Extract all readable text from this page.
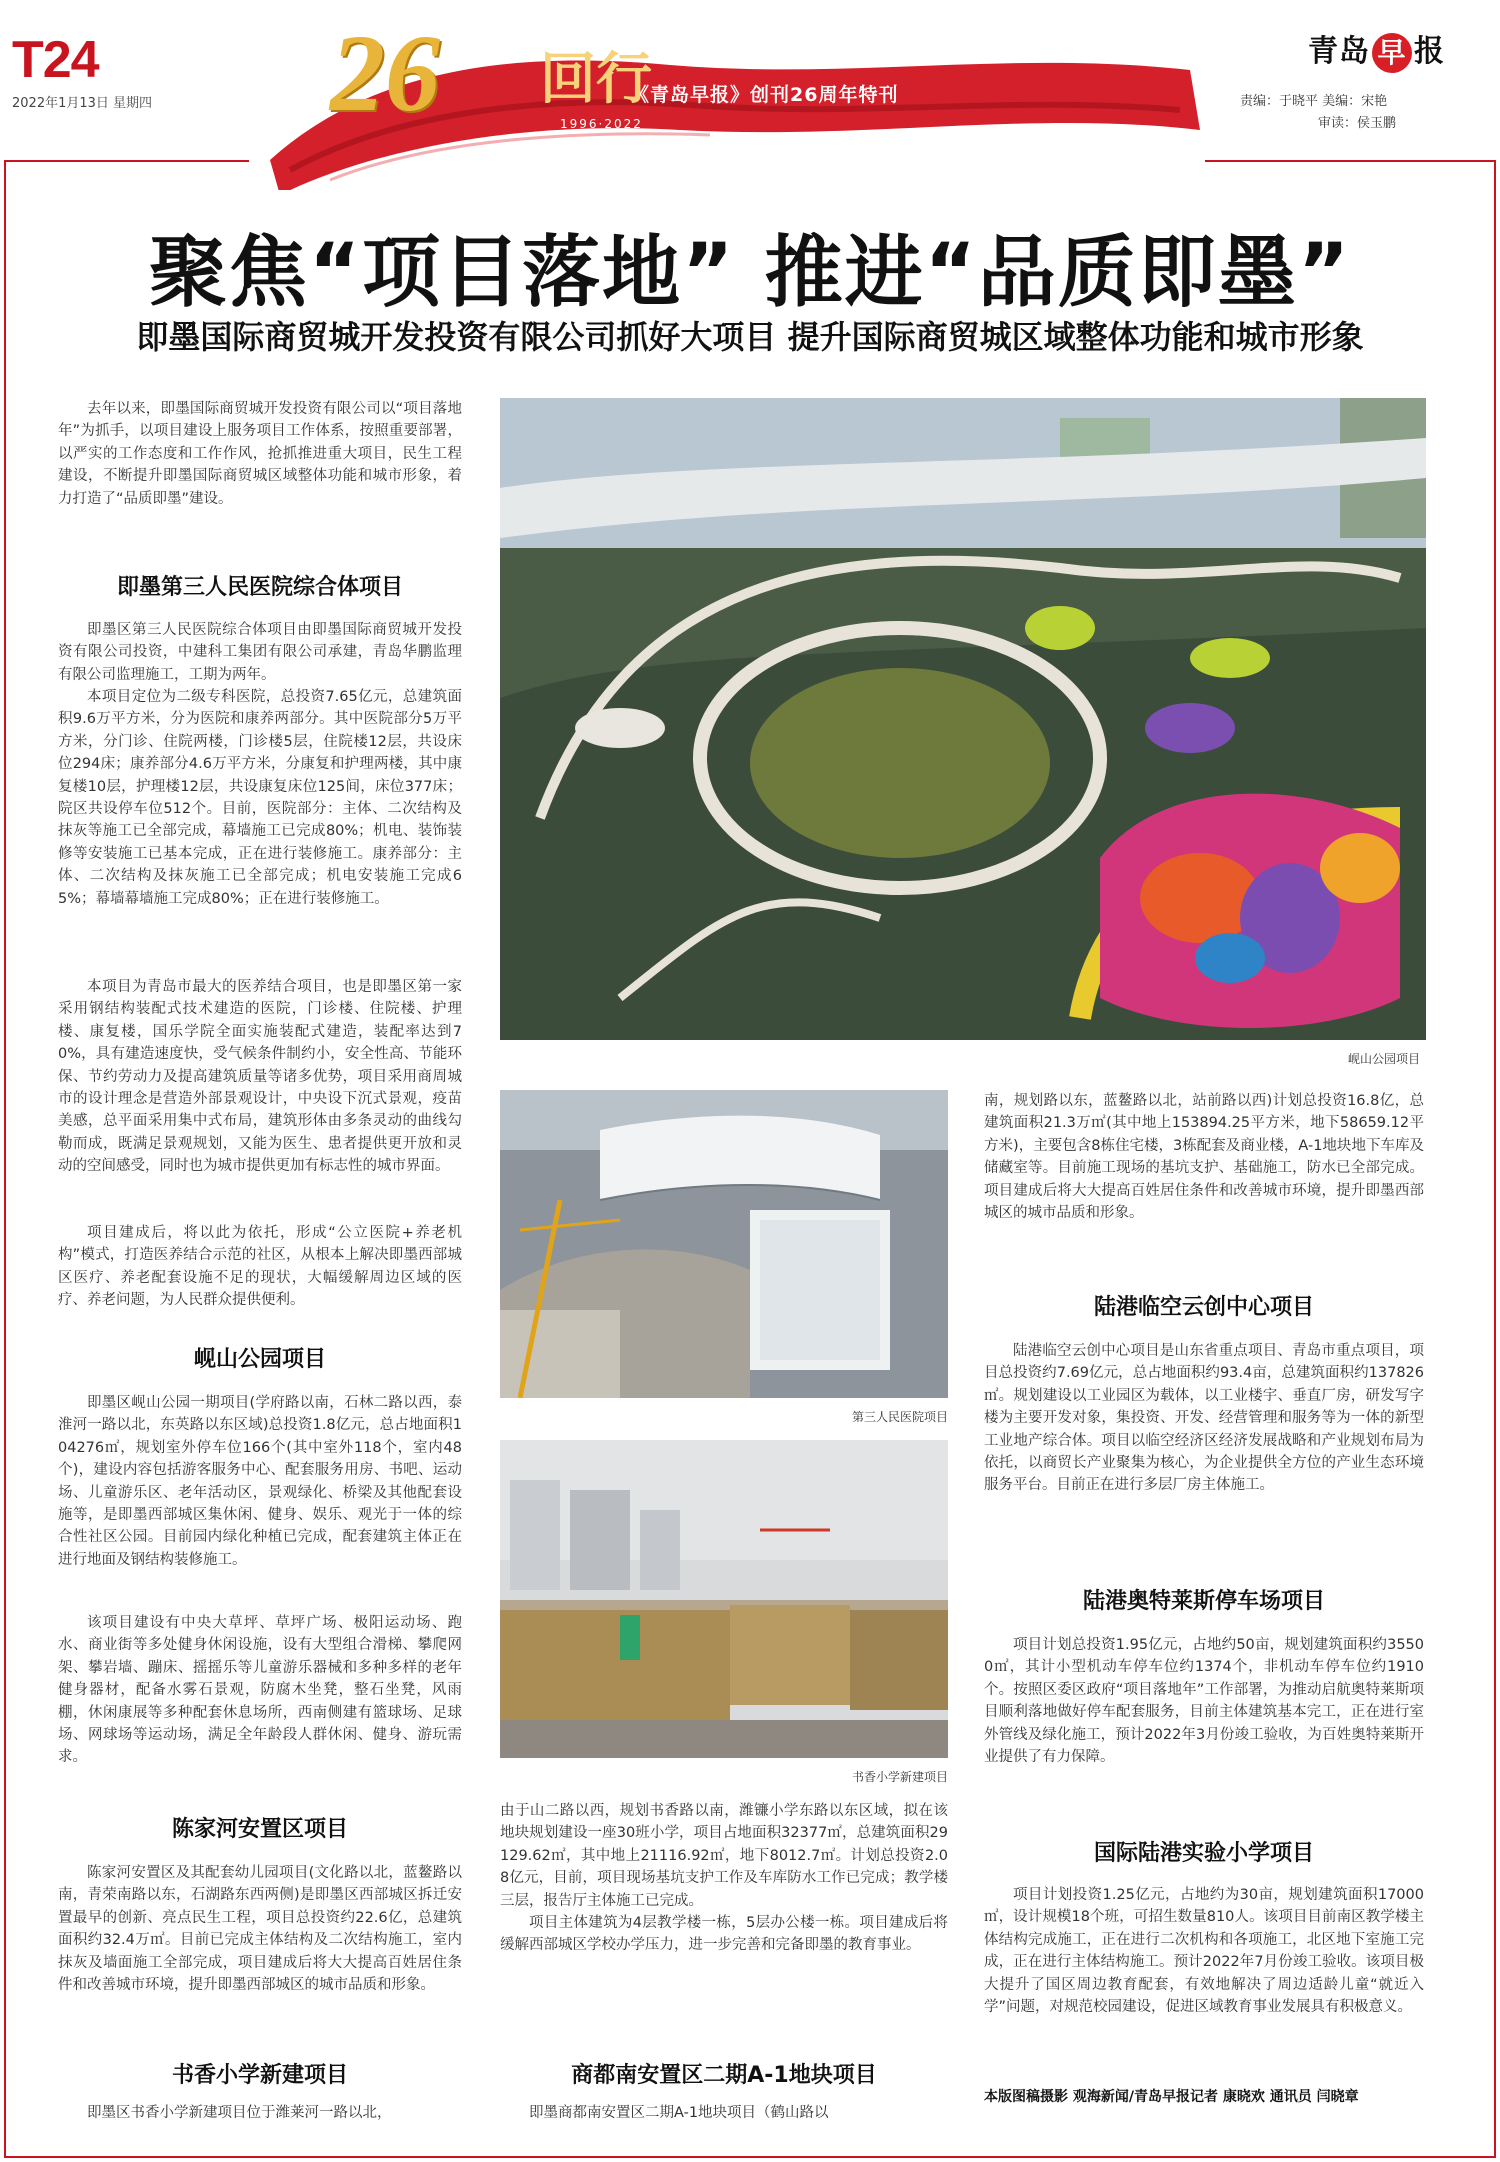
T24
2022年1月13日 星期四 26 回行
1996·2022
《青岛早报》创刊26周年特刊
青岛 早 报
责编：于晓平 美编：宋艳
审读：侯玉鹏
聚焦“项目落地” 推进“品质即墨”
即墨国际商贸城开发投资有限公司抓好大项目 提升国际商贸城区域整体功能和城市形象
去年以来，即墨国际商贸城开发投资有限公司以“项目落地年”为抓手，以项目建设上服务项目工作体系，按照重要部署，以严实的工作态度和工作作风，抢抓推进重大项目，民生工程建设，不断提升即墨国际商贸城区域整体功能和城市形象，着力打造了“品质即墨”建设。
即墨第三人民医院综合体项目
即墨区第三人民医院综合体项目由即墨国际商贸城开发投资有限公司投资，中建科工集团有限公司承建，青岛华鹏监理有限公司监理施工，工期为两年。
本项目定位为二级专科医院，总投资7.65亿元，总建筑面积9.6万平方米，分为医院和康养两部分。其中医院部分5万平方米，分门诊、住院两楼，门诊楼5层，住院楼12层，共设床位294床；康养部分4.6万平方米，分康复和护理两楼，其中康复楼10层，护理楼12层，共设康复床位125间，床位377床；院区共设停车位512个。目前，医院部分：主体、二次结构及抹灰等施工已全部完成，幕墙施工已完成80%；机电、装饰装修等安装施工已基本完成，正在进行装修施工。康养部分：主体、二次结构及抹灰施工已全部完成；机电安装施工完成65%；幕墙幕墙施工完成80%；正在进行装修施工。
本项目为青岛市最大的医养结合项目，也是即墨区第一家采用钢结构装配式技术建造的医院，门诊楼、住院楼、护理楼、康复楼，国乐学院全面实施装配式建造，装配率达到70%，具有建造速度快，受气候条件制约小，安全性高、节能环保、节约劳动力及提高建筑质量等诸多优势，项目采用商周城市的设计理念是营造外部景观设计，中央设下沉式景观，疫苗美感，总平面采用集中式布局，建筑形体由多条灵动的曲线勾勒而成，既满足景观规划，又能为医生、患者提供更开放和灵动的空间感受，同时也为城市提供更加有标志性的城市界面。
项目建成后，将以此为依托，形成“公立医院+养老机构”模式，打造医养结合示范的社区，从根本上解决即墨西部城区医疗、养老配套设施不足的现状，大幅缓解周边区域的医疗、养老问题，为人民群众提供便利。
岘山公园项目
即墨区岘山公园一期项目(学府路以南，石林二路以西，泰淮河一路以北，东英路以东区域)总投资1.8亿元，总占地面积104276㎡，规划室外停车位166个(其中室外118个，室内48个)，建设内容包括游客服务中心、配套服务用房、书吧、运动场、儿童游乐区、老年活动区，景观绿化、桥梁及其他配套设施等，是即墨西部城区集休闲、健身、娱乐、观光于一体的综合性社区公园。目前园内绿化种植已完成，配套建筑主体正在进行地面及钢结构装修施工。
该项目建设有中央大草坪、草坪广场、极阳运动场、跑水、商业街等多处健身休闲设施，设有大型组合滑梯、攀爬网架、攀岩墙、蹦床、摇摇乐等儿童游乐器械和多种多样的老年健身器材，配备水雾石景观，防腐木坐凳，整石坐凳，风雨棚，休闲康展等多种配套休息场所，西南侧建有篮球场、足球场、网球场等运动场，满足全年龄段人群休闲、健身、游玩需求。
陈家河安置区项目
陈家河安置区及其配套幼儿园项目(文化路以北，蓝鳌路以南，青荣南路以东，石湖路东西两侧)是即墨区西部城区拆迁安置最早的创新、亮点民生工程，项目总投资约22.6亿，总建筑面积约32.4万㎡。目前已完成主体结构及二次结构施工，室内抹灰及墙面施工全部完成，项目建成后将大大提高百姓居住条件和改善城市环境，提升即墨西部城区的城市品质和形象。
书香小学新建项目
即墨区书香小学新建项目位于潍莱河一路以北，
岘山公园项目
第三人民医院项目
书香小学新建项目
由于山二路以西，规划书香路以南，潍镰小学东路以东区域，拟在该地块规划建设一座30班小学，项目占地面积32377㎡，总建筑面积29129.62㎡，其中地上21116.92㎡，地下8012.7㎡。计划总投资2.08亿元，目前，项目现场基坑支护工作及车库防水工作已完成；教学楼三层，报告厅主体施工已完成。
项目主体建筑为4层教学楼一栋，5层办公楼一栋。项目建成后将缓解西部城区学校办学压力，进一步完善和完备即墨的教育事业。
商都南安置区二期A-1地块项目
即墨商都南安置区二期A-1地块项目（鹤山路以
南，规划路以东，蓝鳌路以北，站前路以西)计划总投资16.8亿，总建筑面积21.3万㎡(其中地上153894.25平方米，地下58659.12平方米)，主要包含8栋住宅楼，3栋配套及商业楼，A-1地块地下车库及储藏室等。目前施工现场的基坑支护、基础施工，防水已全部完成。项目建成后将大大提高百姓居住条件和改善城市环境，提升即墨西部城区的城市品质和形象。
陆港临空云创中心项目
陆港临空云创中心项目是山东省重点项目、青岛市重点项目，项目总投资约7.69亿元，总占地面积约93.4亩，总建筑面积约137826㎡。规划建设以工业园区为载体，以工业楼宇、垂直厂房，研发写字楼为主要开发对象，集投资、开发、经营管理和服务等为一体的新型工业地产综合体。项目以临空经济区经济发展战略和产业规划布局为依托，以商贸长产业聚集为核心，为企业提供全方位的产业生态环境服务平台。目前正在进行多层厂房主体施工。
陆港奥特莱斯停车场项目
项目计划总投资1.95亿元，占地约50亩，规划建筑面积约35500㎡，其计小型机动车停车位约1374个，非机动车停车位约1910个。按照区委区政府“项目落地年”工作部署，为推动启航奥特莱斯项目顺利落地做好停车配套服务，目前主体建筑基本完工，正在进行室外管线及绿化施工，预计2022年3月份竣工验收，为百姓奥特莱斯开业提供了有力保障。
国际陆港实验小学项目
项目计划投资1.25亿元，占地约为30亩，规划建筑面积17000㎡，设计规模18个班，可招生数量810人。该项目目前南区教学楼主体结构完成施工，正在进行二次机构和各项施工，北区地下室施工完成，正在进行主体结构施工。预计2022年7月份竣工验收。该项目极大提升了国区周边教育配套，有效地解决了周边适龄儿童“就近入学”问题，对规范校园建设，促进区域教育事业发展具有积极意义。
本版图稿摄影 观海新闻/青岛早报记者 康晓欢 通讯员 闫晓章
